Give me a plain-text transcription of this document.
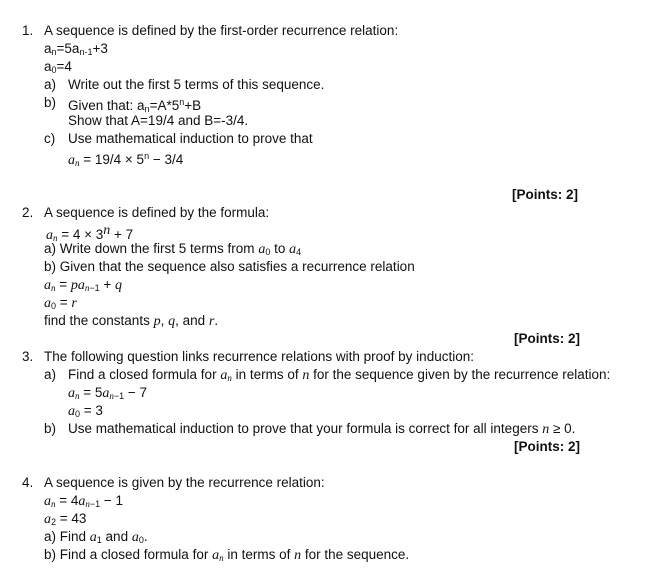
1. A sequence is defined by the first-order recurrence relation:
$a_n=5a_{n-1}+3$
$a_0=4$
a) Write out the first 5 terms of this sequence.
b) Given that: $a_n=A*5^n+B$
Show that A=19/4 and B=-3/4.
c) Use mathematical induction to prove that
$a_n = 19/4 \times 5^n - 3/4$
[Points: 2]
2. A sequence is defined by the formula:
$a_n = 4 \times 3^n + 7$
a) Write down the first 5 terms from $a_0$ to $a_4$
b) Given that the sequence also satisfies a recurrence relation
$a_n = pa_{n-1} + q$
$a_0 = r$
find the constants p, q, and r.
[Points: 2]
3. The following question links recurrence relations with proof by induction:
a) Find a closed formula for $a_n$ in terms of n for the sequence given by the recurrence relation:
$a_n = 5a_{n-1} - 7$
$a_0 = 3$
b) Use mathematical induction to prove that your formula is correct for all integers n ≥ 0.
[Points: 2]
4. A sequence is given by the recurrence relation:
$a_n = 4a_{n-1} - 1$
$a_2 = 43$
a) Find $a_1$ and $a_0$.
b) Find a closed formula for $a_n$ in terms of n for the sequence.
